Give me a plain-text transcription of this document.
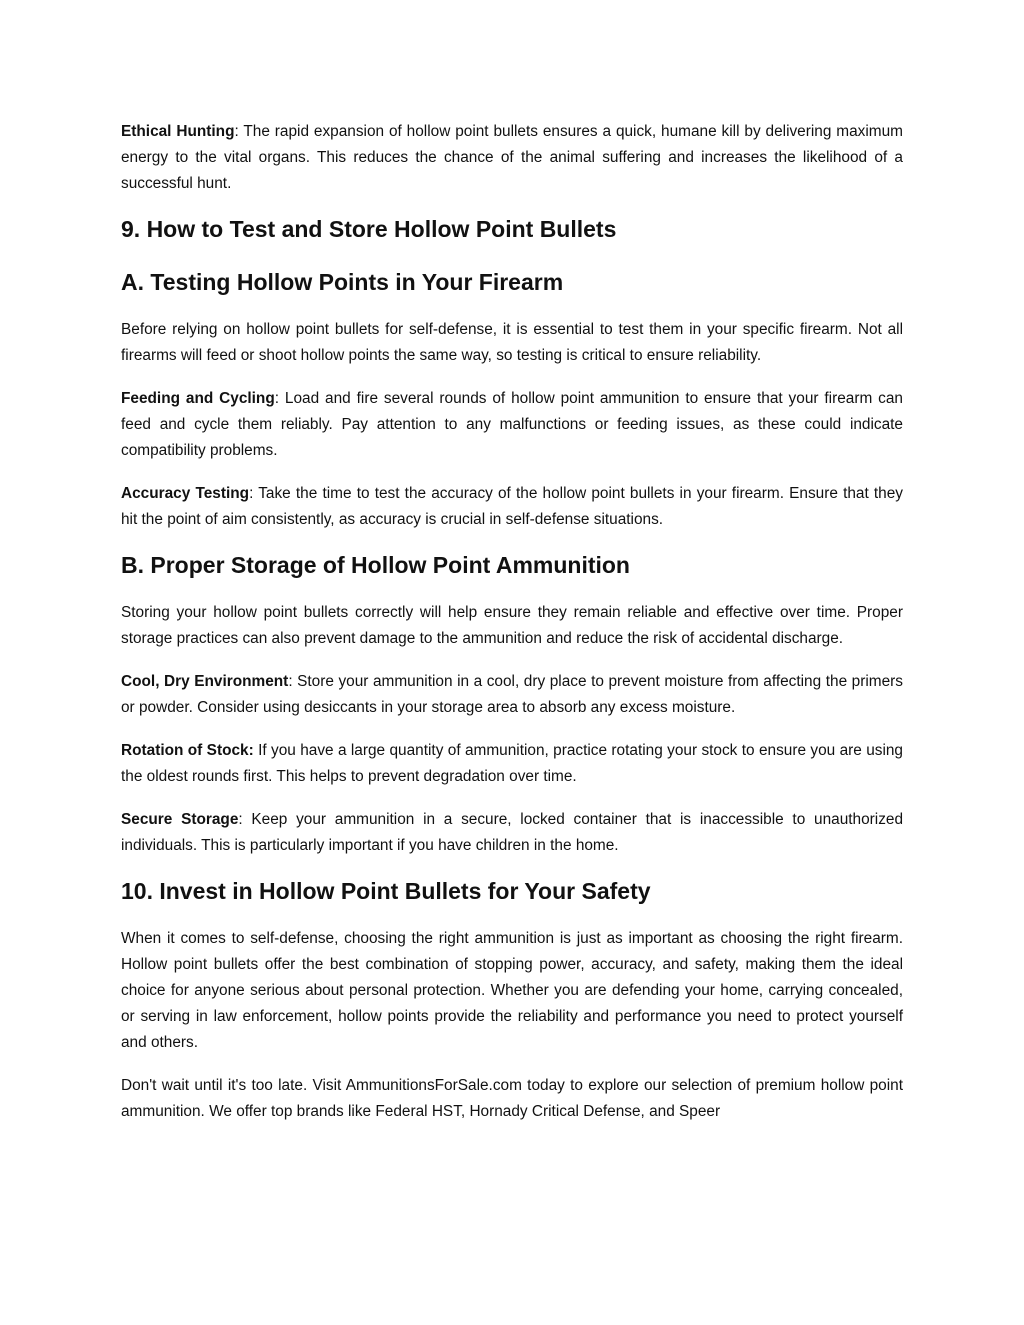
Ethical Hunting: The rapid expansion of hollow point bullets ensures a quick, humane kill by delivering maximum energy to the vital organs. This reduces the chance of the animal suffering and increases the likelihood of a successful hunt.

9. How to Test and Store Hollow Point Bullets
A. Testing Hollow Points in Your Firearm

Before relying on hollow point bullets for self-defense, it is essential to test them in your specific firearm. Not all firearms will feed or shoot hollow points the same way, so testing is critical to ensure reliability.

Feeding and Cycling: Load and fire several rounds of hollow point ammunition to ensure that your firearm can feed and cycle them reliably. Pay attention to any malfunctions or feeding issues, as these could indicate compatibility problems.

Accuracy Testing: Take the time to test the accuracy of the hollow point bullets in your firearm. Ensure that they hit the point of aim consistently, as accuracy is crucial in self-defense situations.

B. Proper Storage of Hollow Point Ammunition

Storing your hollow point bullets correctly will help ensure they remain reliable and effective over time. Proper storage practices can also prevent damage to the ammunition and reduce the risk of accidental discharge.

Cool, Dry Environment: Store your ammunition in a cool, dry place to prevent moisture from affecting the primers or powder. Consider using desiccants in your storage area to absorb any excess moisture.

Rotation of Stock: If you have a large quantity of ammunition, practice rotating your stock to ensure you are using the oldest rounds first. This helps to prevent degradation over time.

Secure Storage: Keep your ammunition in a secure, locked container that is inaccessible to unauthorized individuals. This is particularly important if you have children in the home.

10. Invest in Hollow Point Bullets for Your Safety

When it comes to self-defense, choosing the right ammunition is just as important as choosing the right firearm. Hollow point bullets offer the best combination of stopping power, accuracy, and safety, making them the ideal choice for anyone serious about personal protection. Whether you are defending your home, carrying concealed, or serving in law enforcement, hollow points provide the reliability and performance you need to protect yourself and others.

Don't wait until it's too late. Visit AmmunitionsForSale.com today to explore our selection of premium hollow point ammunition. We offer top brands like Federal HST, Hornady Critical Defense, and Speer
